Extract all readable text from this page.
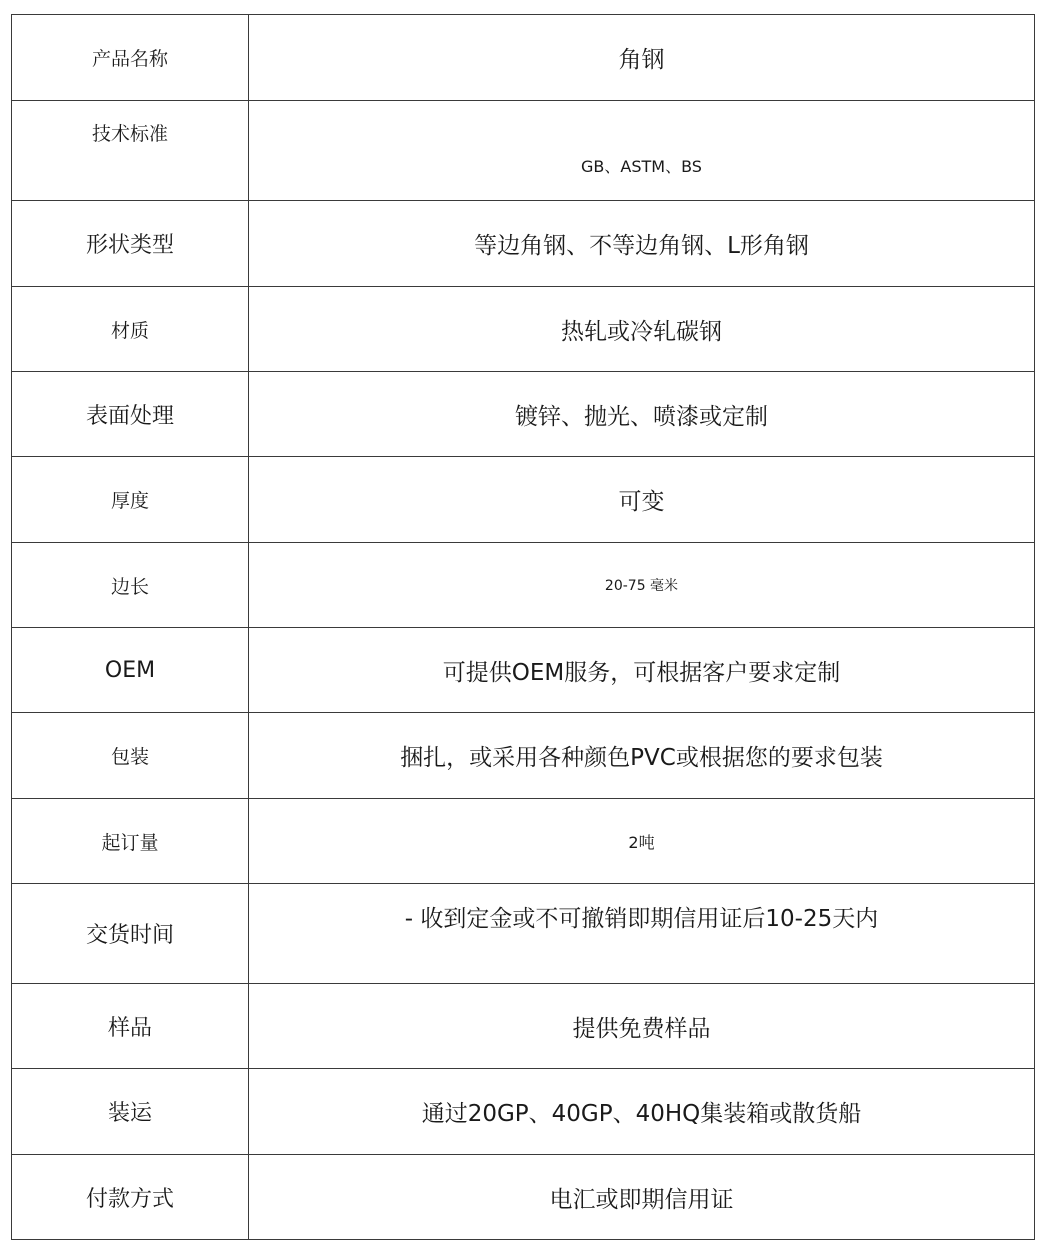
产品名称	角钢
技术标准	GB、ASTM、BS
形状类型	等边角钢、不等边角钢、L形角钢
材质	热轧或冷轧碳钢
表面处理	镀锌、抛光、喷漆或定制
厚度	可变
边长	20-75 毫米
OEM	可提供OEM服务，可根据客户要求定制
包装	捆扎，或采用各种颜色PVC或根据您的要求包装
起订量	2吨
交货时间	- 收到定金或不可撤销即期信用证后10-25天内
样品	提供免费样品
装运	通过20GP、40GP、40HQ集装箱或散货船
付款方式	电汇或即期信用证
